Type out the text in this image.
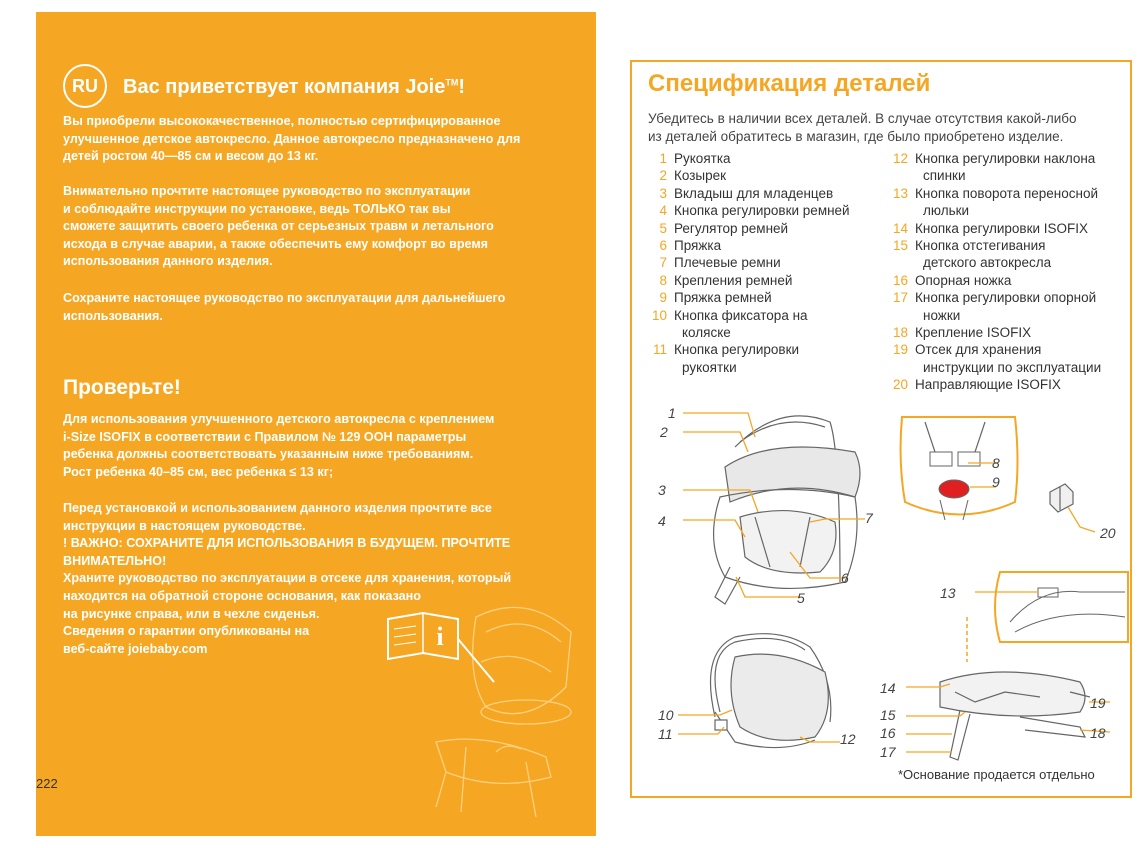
RU	Вас приветствует компания Joie™!

Вы приобрели высококачественное, полностью сертифицированное
улучшенное детское автокресло. Данное автокресло предназначено для
детей ростом 40—85 см и весом до 13 кг.

Внимательно прочтите настоящее руководство по эксплуатации
и соблюдайте инструкции по установке, ведь ТОЛЬКО так вы
сможете защитить своего ребенка от серьезных травм и летального
исхода в случае аварии, а также обеспечить ему комфорт во время
использования данного изделия.

Сохраните настоящее руководство по эксплуатации для дальнейшего
использования.

Проверьте!

Для использования улучшенного детского автокресла с креплением
i-Size ISOFIX в соответствии с Правилом № 129 ООН параметры
ребенка должны соответствовать указанным ниже требованиям.
Рост ребенка 40–85 см, вес ребенка ≤ 13 кг;

Перед установкой и использованием данного изделия прочтите все
инструкции в настоящем руководстве.
! ВАЖНО: СОХРАНИТЕ ДЛЯ ИСПОЛЬЗОВАНИЯ В БУДУЩЕМ. ПРОЧТИТЕ
ВНИМАТЕЛЬНО!
Храните руководство по эксплуатации в отсеке для хранения, который
находится на обратной стороне основания, как показано
на рисунке справа, или в чехле сиденья.
Сведения о гарантии опубликованы на
веб-сайте joiebaby.com	i
222
Спецификация деталей
Убедитесь в наличии всех деталей. В случае отсутствия какой-либо
из деталей обратитесь в магазин, где было приобретено изделие.
1 Рукоятка
2 Козырек
3 Вкладыш для младенцев
4 Кнопка регулировки ремней
5 Регулятор ремней
6 Пряжка
7 Плечевые ремни
8 Крепления ремней
9 Пряжка ремней
10 Кнопка фиксатора на
коляске
11 Кнопка регулировки
рукоятки
12 Кнопка регулировки наклона
спинки
13 Кнопка поворота переносной
люльки
14 Кнопка регулировки ISOFIX
15 Кнопка отстегивания
детского автокресла
16 Опорная ножка
17 Кнопка регулировки опорной
ножки
18 Крепление ISOFIX
19 Отсек для хранения
инструкции по эксплуатации
20 Направляющие ISOFIX
1
2
3
4
5
6
7
8
9
20
10
11	12
13
14
15
16
17
18
19
*Основание продается отдельно
